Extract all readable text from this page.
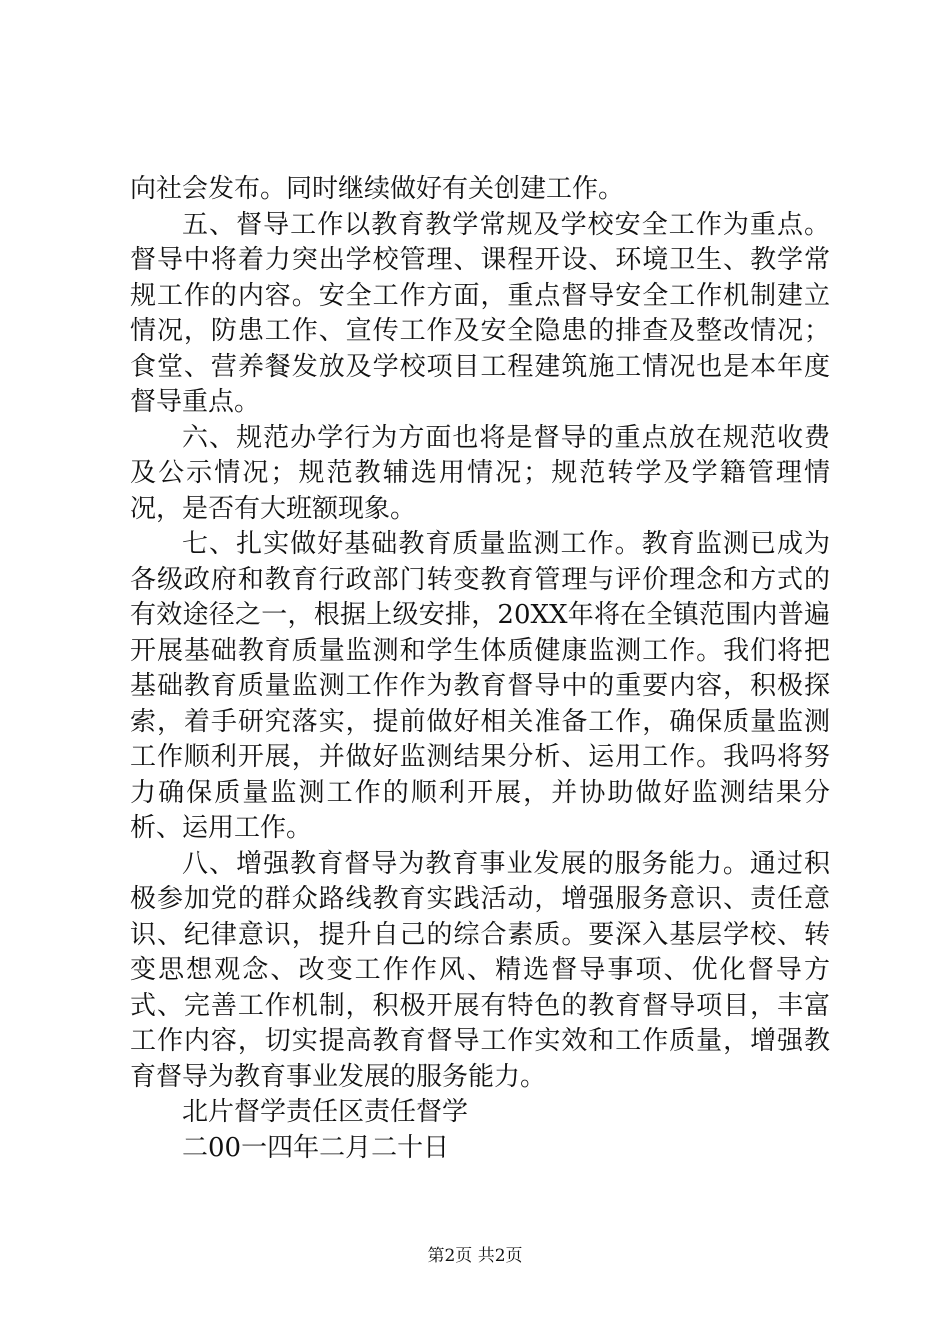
向社会发布。同时继续做好有关创建工作。

五、督导工作以教育教学常规及学校安全工作为重点。督导中将着力突出学校管理、课程开设、环境卫生、教学常规工作的内容。安全工作方面，重点督导安全工作机制建立情况，防患工作、宣传工作及安全隐患的排查及整改情况；食堂、营养餐发放及学校项目工程建筑施工情况也是本年度督导重点。

六、规范办学行为方面也将是督导的重点放在规范收费及公示情况；规范教辅选用情况；规范转学及学籍管理情况，是否有大班额现象。

七、扎实做好基础教育质量监测工作。教育监测已成为各级政府和教育行政部门转变教育管理与评价理念和方式的有效途径之一，根据上级安排，20XX年将在全镇范围内普遍开展基础教育质量监测和学生体质健康监测工作。我们将把基础教育质量监测工作作为教育督导中的重要内容，积极探索，着手研究落实，提前做好相关准备工作，确保质量监测工作顺利开展，并做好监测结果分析、运用工作。我吗将努力确保质量监测工作的顺利开展，并协助做好监测结果分析、运用工作。

八、增强教育督导为教育事业发展的服务能力。通过积极参加党的群众路线教育实践活动，增强服务意识、责任意识、纪律意识，提升自己的综合素质。要深入基层学校、转变思想观念、改变工作作风、精选督导事项、优化督导方式、完善工作机制，积极开展有特色的教育督导项目，丰富工作内容，切实提高教育督导工作实效和工作质量，增强教育督导为教育事业发展的服务能力。

北片督学责任区责任督学

二00一四年二月二十日

第2页 共2页
